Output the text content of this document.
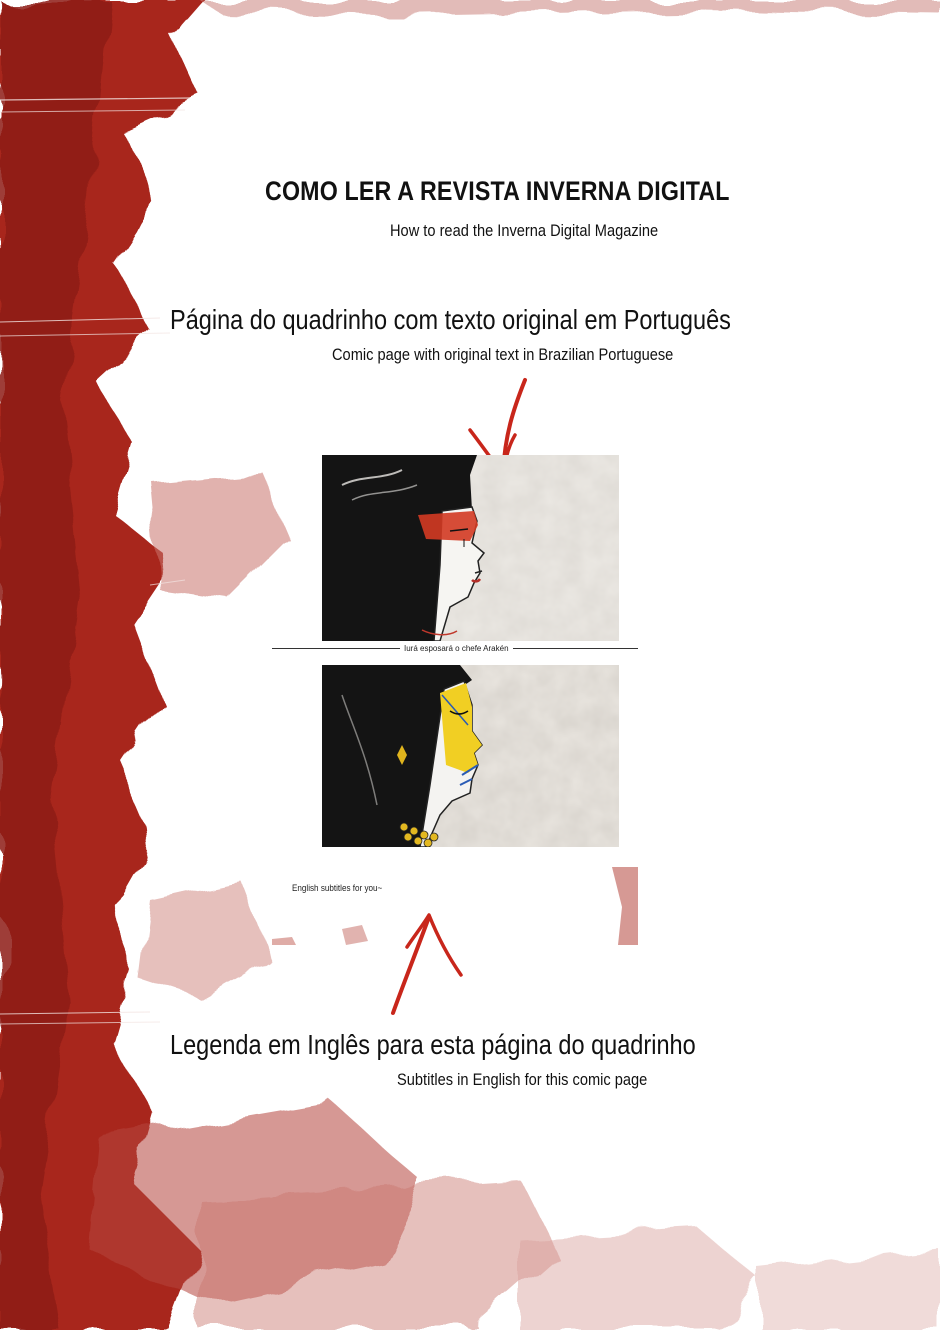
COMO LER A REVISTA INVERNA DIGITAL
How to read the Inverna Digital Magazine
Página do quadrinho com texto original em Português
Comic page with original text in Brazilian Portuguese
Iurá esposará o chefe Arakén
English subtitles for you~
Legenda em Inglês para esta página do quadrinho
Subtitles in English for this comic page
